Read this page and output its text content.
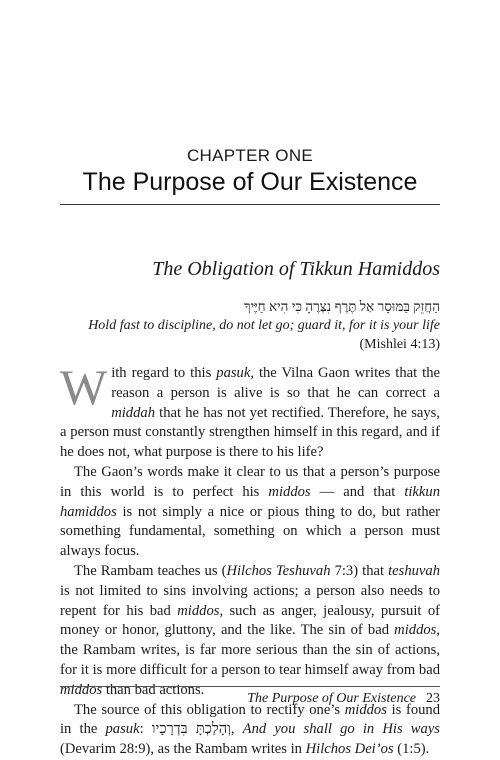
CHAPTER ONE
The Purpose of Our Existence
The Obligation of Tikkun Hamiddos
הַחֲזֵק בַּמּוּסָר אַל תֶּרֶף נִצְּרֶהָ כִּי הִיא חַיֶּיךָ
Hold fast to discipline, do not let go; guard it, for it is your life
(Mishlei 4:13)

With regard to this pasuk, the Vilna Gaon writes that the reason a person is alive is so that he can correct a middah that he has not yet rectified. Therefore, he says, a person must constantly strengthen himself in this regard, and if he does not, what purpose is there to his life?

The Gaon’s words make it clear to us that a person’s purpose in this world is to perfect his middos — and that tikkun hamiddos is not simply a nice or pious thing to do, but rather something fundamental, something on which a person must always focus.

The Rambam teaches us (Hilchos Teshuvah 7:3) that teshuvah is not limited to sins involving actions; a person also needs to repent for his bad middos, such as anger, jealousy, pursuit of money or honor, gluttony, and the like. The sin of bad middos, the Rambam writes, is far more serious than the sin of actions, for it is more difficult for a person to tear himself away from bad middos than bad actions.

The source of this obligation to rectify one’s middos is found in the pasuk: וְהָלַכְתָּ בִּדְרָכָיו, And you shall go in His ways (Devarim 28:9), as the Rambam writes in Hilchos Dei’os (1:5).

The Purpose of Our Existence 23
